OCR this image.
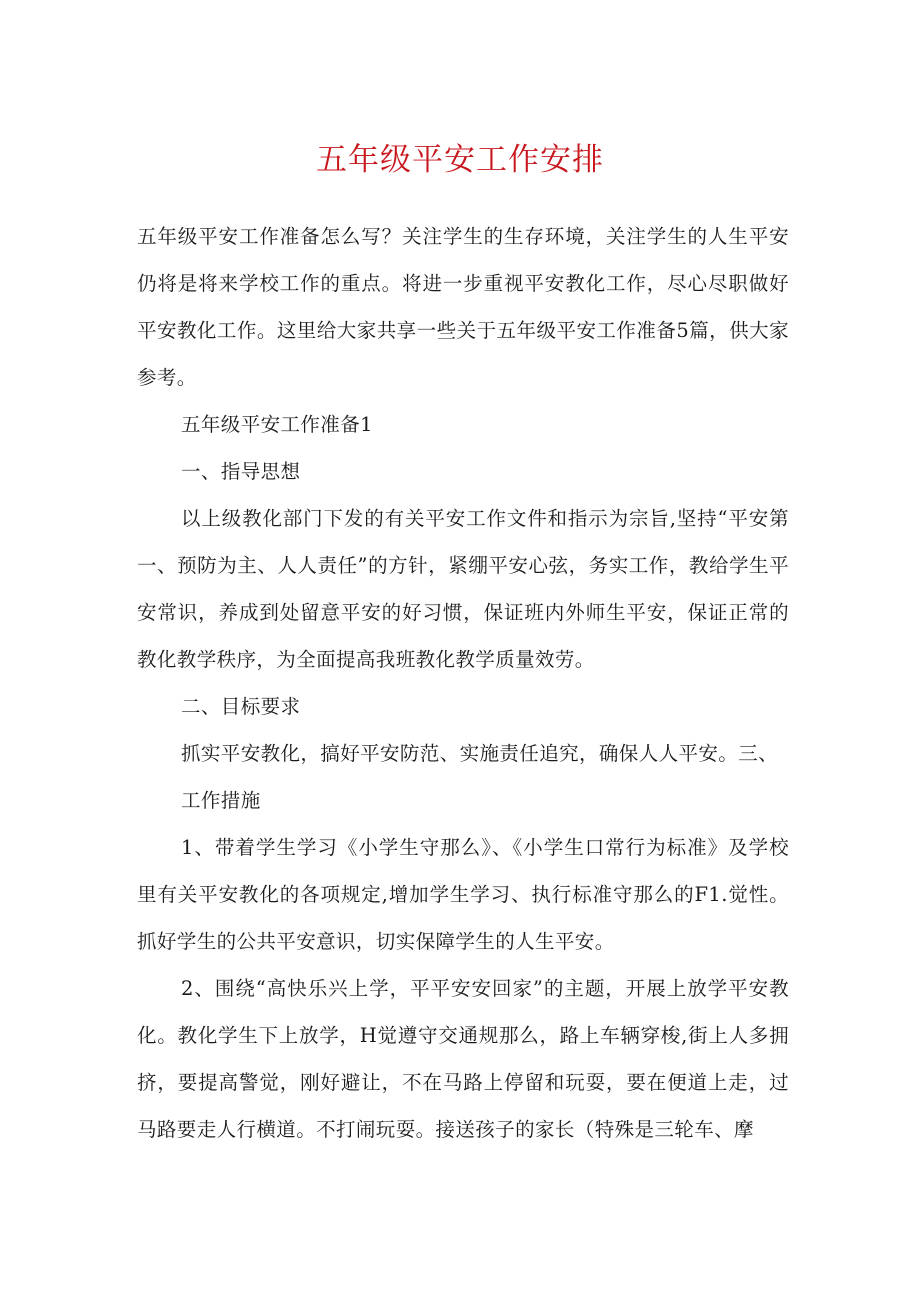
五年级平安工作安排

五年级平安工作准备怎么写？关注学生的生存环境，关注学生的人生平安仍将是将来学校工作的重点。将进一步重视平安教化工作，尽心尽职做好平安教化工作。这里给大家共享一些关于五年级平安工作准备5篇，供大家参考。

五年级平安工作准备1

一、指导思想

以上级教化部门下发的有关平安工作文件和指示为宗旨,坚持“平安第一、预防为主、人人责任”的方针，紧绷平安心弦，务实工作，教给学生平安常识，养成到处留意平安的好习惯，保证班内外师生平安，保证正常的教化教学秩序，为全面提高我班教化教学质量效劳。

二、目标要求

抓实平安教化，搞好平安防范、实施责任追究，确保人人平安。三、

工作措施

1、带着学生学习《小学生守那么》、《小学生口常行为标准》及学校里有关平安教化的各项规定,增加学生学习、执行标准守那么的F1.觉性。抓好学生的公共平安意识，切实保障学生的人生平安。

2、围绕“高快乐兴上学，平平安安回家”的主题，开展上放学平安教化。教化学生下上放学，H觉遵守交通规那么，路上车辆穿梭,街上人多拥挤，要提高警觉，刚好避让，不在马路上停留和玩耍，要在便道上走，过马路要走人行横道。不打闹玩耍。接送孩子的家长（特殊是三轮车、摩
